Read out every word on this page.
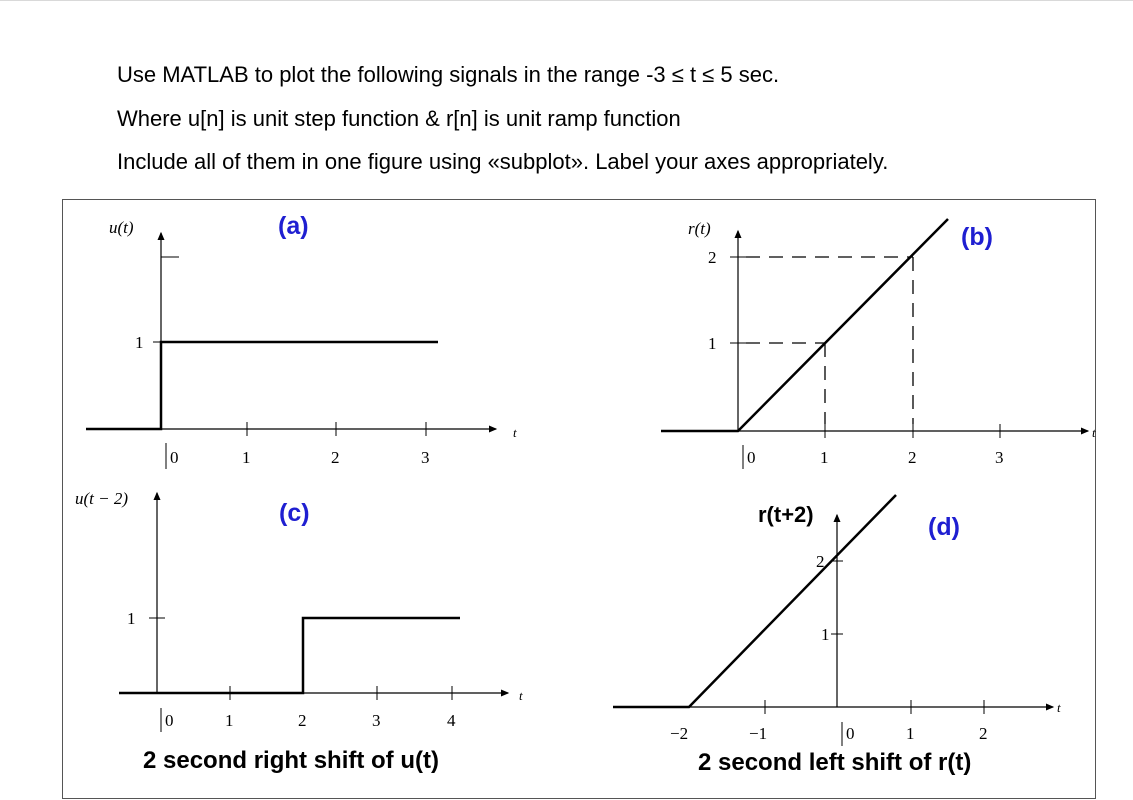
Use MATLAB to plot the following signals in the range -3 ≤ t ≤ 5 sec.
Where u[n] is unit step function & r[n] is unit ramp function
Include all of them in one figure using «subplot». Label your axes appropriately.
u(t)
t
1
0	1	2	3
(a)	r(t)
t
2
1
0	1	2	3
(b)
u(t − 2)
t
1
0	1	2	3	4
(c)
2 second right shift of u(t)
r(t+2)
t
2
1
−2	−1	0	1	2
(d)
2 second left shift of r(t)
